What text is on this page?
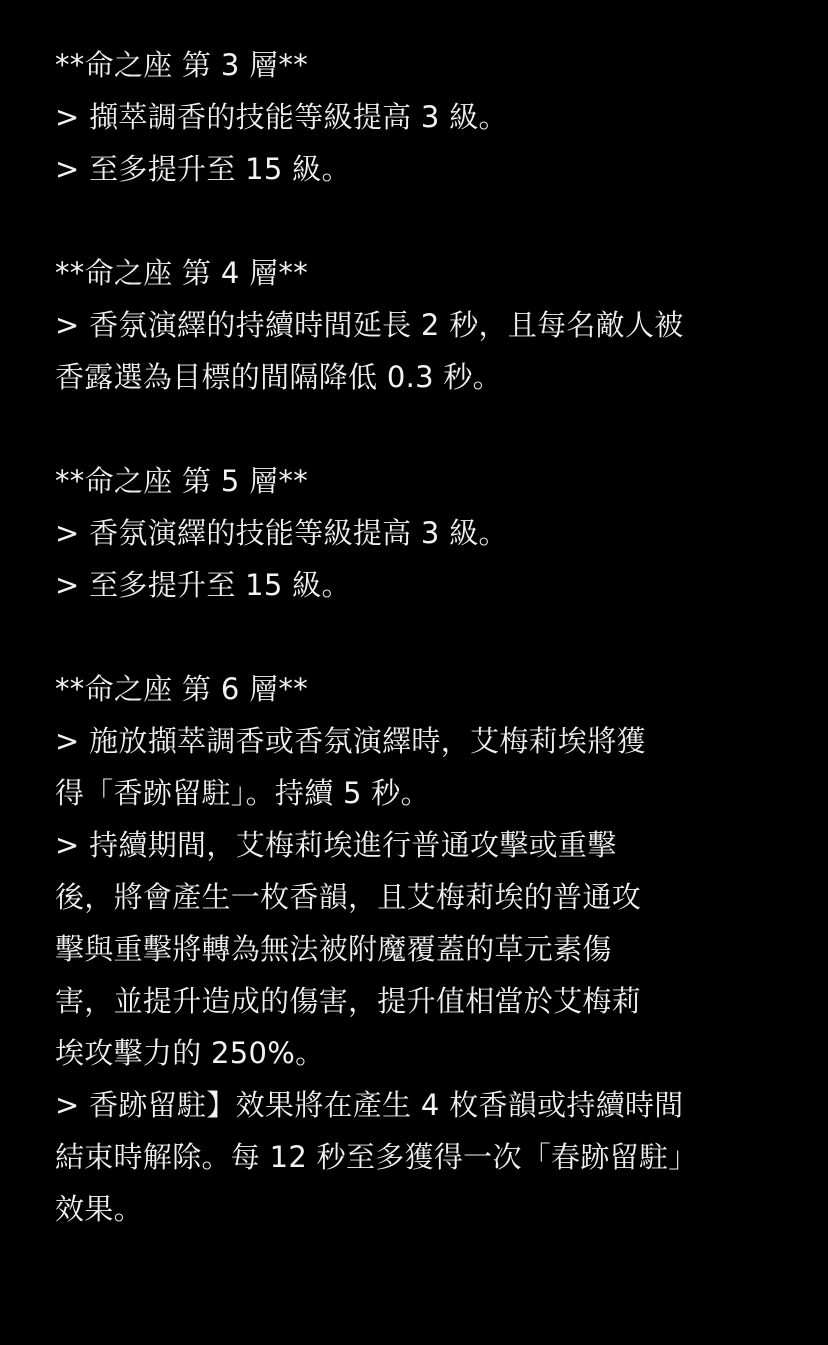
**命之座 第 3 層**
> 擷萃調香的技能等級提高 3 級。
> 至多提升至 15 級。
**命之座 第 4 層**
> 香氛演繹的持續時間延長 2 秒，且每名敵人被
香露選為目標的間隔降低 0.3 秒。
**命之座 第 5 層**
> 香氛演繹的技能等級提高 3 級。
> 至多提升至 15 級。
**命之座 第 6 層**
> 施放擷萃調香或香氛演繹時，艾梅莉埃將獲
得「香跡留駐」。持續 5 秒。
> 持續期間，艾梅莉埃進行普通攻擊或重擊
後，將會產生一枚香韻，且艾梅莉埃的普通攻
擊與重擊將轉為無法被附魔覆蓋的草元素傷
害，並提升造成的傷害，提升值相當於艾梅莉
埃攻擊力的 250%。
> 香跡留駐】效果將在產生 4 枚香韻或持續時間
結束時解除。每 12 秒至多獲得一次「春跡留駐」
效果。
